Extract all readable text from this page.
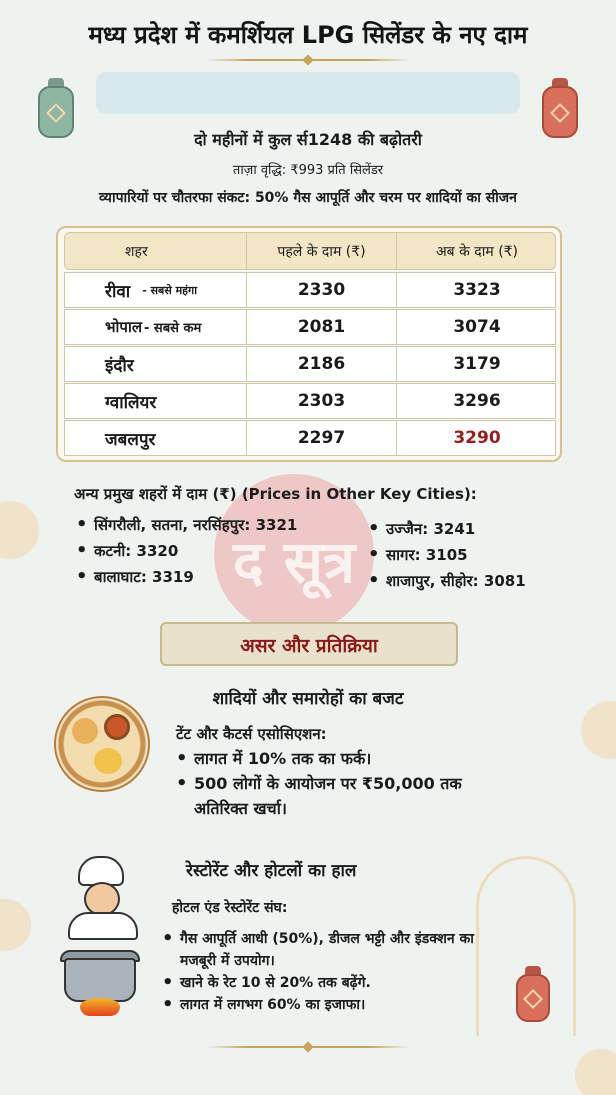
मध्य प्रदेश में कमर्शियल LPG सिलेंडर के नए दाम
दो महीनों में कुल र्स1248 की बढ़ोतरी
ताज़ा वृद्धि: ₹993 प्रति सिलेंडर
व्यापारियों पर चौतरफा संकट: 50% गैस आपूर्ति और चरम पर शादियों का सीजन
शहर	पहले के दाम (₹)	अब के दाम (₹)
रीवा - सबसे महंगा	2330	3323
भोपाल - सबसे कम	2081	3074
इंदौर	2186	3179
ग्वालियर	2303	3296
जबलपुर	2297	3290
द सूत्र
अन्य प्रमुख शहरों में दाम (₹) (Prices in Other Key Cities):
• सिंगरौली, सतना, नरसिंहपुर: 3321
• कटनी: 3320
• बालाघाट: 3319
• उज्जैन: 3241
• सागर: 3105
• शाजापुर, सीहोर: 3081
असर और प्रतिक्रिया
शादियों और समारोहों का बजट
टेंट और कैटर्स एसोसिएशन:
• लागत में 10% तक का फर्क।
• 500 लोगों के आयोजन पर ₹50,000 तक अतिरिक्त खर्चा।
रेस्टोरेंट और होटलों का हाल
होटल एंड रेस्टोरेंट संघ:
• गैस आपूर्ति आधी (50%), डीजल भट्टी और इंडक्शन का मजबूरी में उपयोग।
• खाने के रेट 10 से 20% तक बढ़ेंगे.
• लागत में लगभग 60% का इजाफा।
